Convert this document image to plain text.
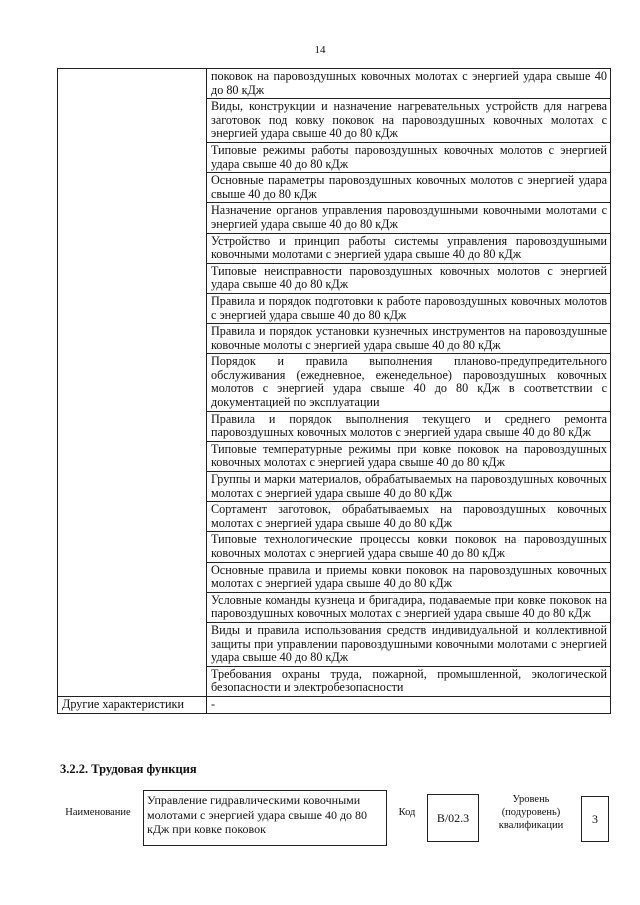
14
	поковок на паровоздушных ковочных молотах с энергией удара свыше 40 до 80 кДж
	Виды, конструкции и назначение нагревательных устройств для нагрева заготовок под ковку поковок на паровоздушных ковочных молотах с энергией удара свыше 40 до 80 кДж
	Типовые режимы работы паровоздушных ковочных молотов с энергией удара свыше 40 до 80 кДж
	Основные параметры паровоздушных ковочных молотов с энергией удара свыше 40 до 80 кДж
	Назначение органов управления паровоздушными ковочными молотами с энергией удара свыше 40 до 80 кДж
	Устройство и принцип работы системы управления паровоздушными ковочными молотами с энергией удара свыше 40 до 80 кДж
	Типовые неисправности паровоздушных ковочных молотов с энергией удара свыше 40 до 80 кДж
	Правила и порядок подготовки к работе паровоздушных ковочных молотов с энергией удара свыше 40 до 80 кДж
	Правила и порядок установки кузнечных инструментов на паровоздушные ковочные молоты с энергией удара свыше 40 до 80 кДж
	Порядок и правила выполнения планово-предупредительного обслуживания (ежедневное, еженедельное) паровоздушных ковочных молотов с энергией удара свыше 40 до 80 кДж в соответствии с документацией по эксплуатации
	Правила и порядок выполнения текущего и среднего ремонта паровоздушных ковочных молотов с энергией удара свыше 40 до 80 кДж
	Типовые температурные режимы при ковке поковок на паровоздушных ковочных молотах с энергией удара свыше 40 до 80 кДж
	Группы и марки материалов, обрабатываемых на паровоздушных ковочных молотах с энергией удара свыше 40 до 80 кДж
	Сортамент заготовок, обрабатываемых на паровоздушных ковочных молотах с энергией удара свыше 40 до 80 кДж
	Типовые технологические процессы ковки поковок на паровоздушных ковочных молотах с энергией удара свыше 40 до 80 кДж
	Основные правила и приемы ковки поковок на паровоздушных ковочных молотах с энергией удара свыше 40 до 80 кДж
	Условные команды кузнеца и бригадира, подаваемые при ковке поковок на паровоздушных ковочных молотах с энергией удара свыше 40 до 80 кДж
	Виды и правила использования средств индивидуальной и коллективной защиты при управлении паровоздушными ковочными молотами с энергией удара свыше 40 до 80 кДж
	Требования охраны труда, пожарной, промышленной, экологической безопасности и электробезопасности
Другие характеристики	-
3.2.2. Трудовая функция
Наименование
Управление гидравлическими ковочными молотами с энергией удара свыше 40 до 80 кДж при ковке поковок
Код	B/02.3
Уровень (подуровень) квалификации	3
